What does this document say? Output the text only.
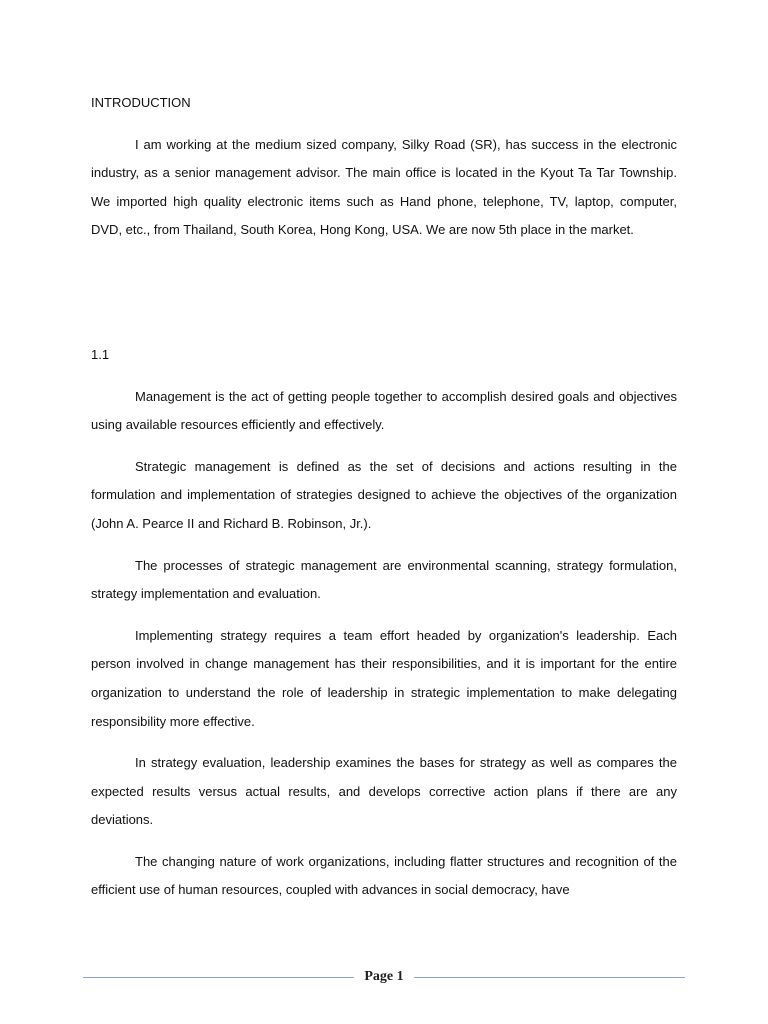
INTRODUCTION

I am working at the medium sized company, Silky Road (SR), has success in the electronic industry, as a senior management advisor. The main office is located in the Kyout Ta Tar Township. We imported high quality electronic items such as Hand phone, telephone, TV, laptop, computer, DVD, etc., from Thailand, South Korea, Hong Kong, USA. We are now 5th place in the market.

1.1

Management is the act of getting people together to accomplish desired goals and objectives using available resources efficiently and effectively.

Strategic management is defined as the set of decisions and actions resulting in the formulation and implementation of strategies designed to achieve the objectives of the organization (John A. Pearce II and Richard B. Robinson, Jr.).

The processes of strategic management are environmental scanning, strategy formulation, strategy implementation and evaluation.

Implementing strategy requires a team effort headed by organization's leadership. Each person involved in change management has their responsibilities, and it is important for the entire organization to understand the role of leadership in strategic implementation to make delegating responsibility more effective.

In strategy evaluation, leadership examines the bases for strategy as well as compares the expected results versus actual results, and develops corrective action plans if there are any deviations.

The changing nature of work organizations, including flatter structures and recognition of the efficient use of human resources, coupled with advances in social democracy, have

Page 1
